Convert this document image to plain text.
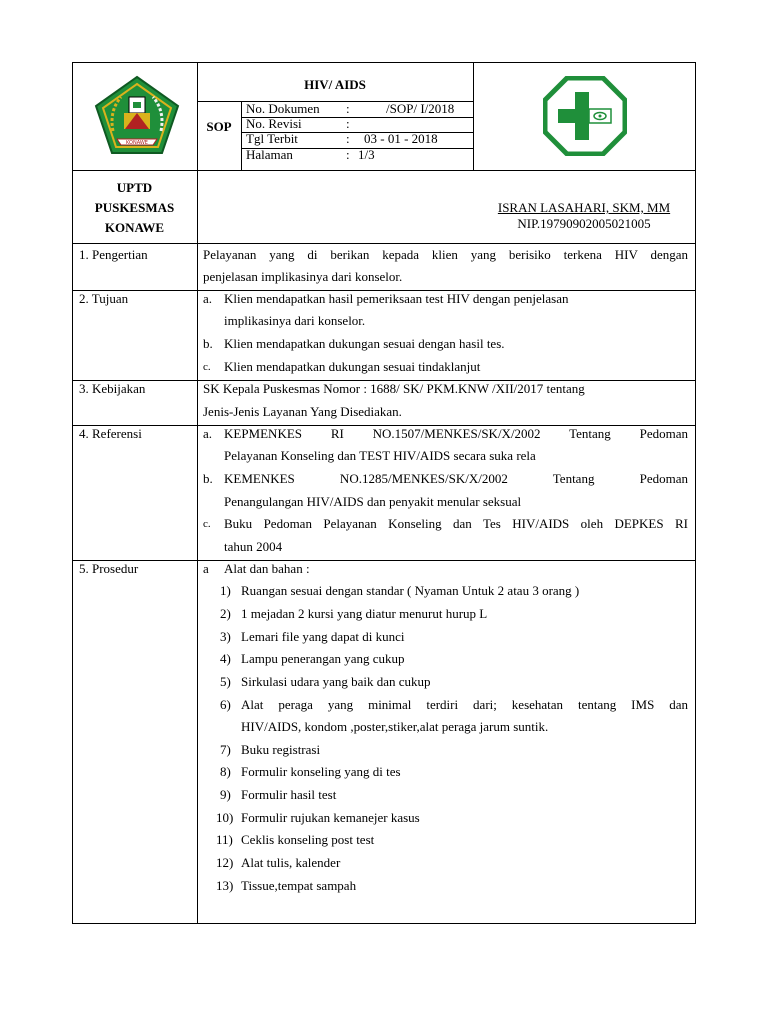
KONAWE
HIV/ AIDS
SOP
No. Dokumen :	/SOP/ I/2018
No. Revisi	:
Tgl Terbit	: 03 - 01 - 2018
Halaman	: 1/3
UPTD
PUSKESMAS
KONAWE
ISRAN LASAHARI, SKM, MM
NIP.19790902005021005
1. Pengertian	Pelayanan yang di berikan kepada klien yang berisiko terkena HIV dengan
penjelasan implikasinya dari konselor.
2. Tujuan	a. Klien mendapatkan hasil pemeriksaan test HIV dengan penjelasan
implikasinya dari konselor.
b. Klien mendapatkan dukungan sesuai dengan hasil tes.
c. Klien mendapatkan dukungan sesuai tindaklanjut
3. Kebijakan	SK Kepala Puskesmas Nomor : 1688/ SK/ PKM.KNW /XII/2017 tentang
Jenis-Jenis Layanan Yang Disediakan.
4. Referensi	a. KEPMENKES RI NO.1507/MENKES/SK/X/2002 Tentang Pedoman
Pelayanan Konseling dan TEST HIV/AIDS secara suka rela
b. KEMENKES NO.1285/MENKES/SK/X/2002 Tentang Pedoman
Penangulangan HIV/AIDS dan penyakit menular seksual
c. Buku Pedoman Pelayanan Konseling dan Tes HIV/AIDS oleh DEPKES RI
tahun 2004
5. Prosedur	a Alat dan bahan :
1) Ruangan sesuai dengan standar ( Nyaman Untuk 2 atau 3 orang )
2) 1 mejadan 2 kursi yang diatur menurut hurup L
3) Lemari file yang dapat di kunci
4) Lampu penerangan yang cukup
5) Sirkulasi udara yang baik dan cukup
6) Alat peraga yang minimal terdiri dari; kesehatan tentang IMS dan
HIV/AIDS, kondom ,poster,stiker,alat peraga jarum suntik.
7) Buku registrasi
8) Formulir konseling yang di tes
9) Formulir hasil test
10) Formulir rujukan kemanejer kasus
11) Ceklis konseling post test
12) Alat tulis, kalender
13) Tissue,tempat sampah
